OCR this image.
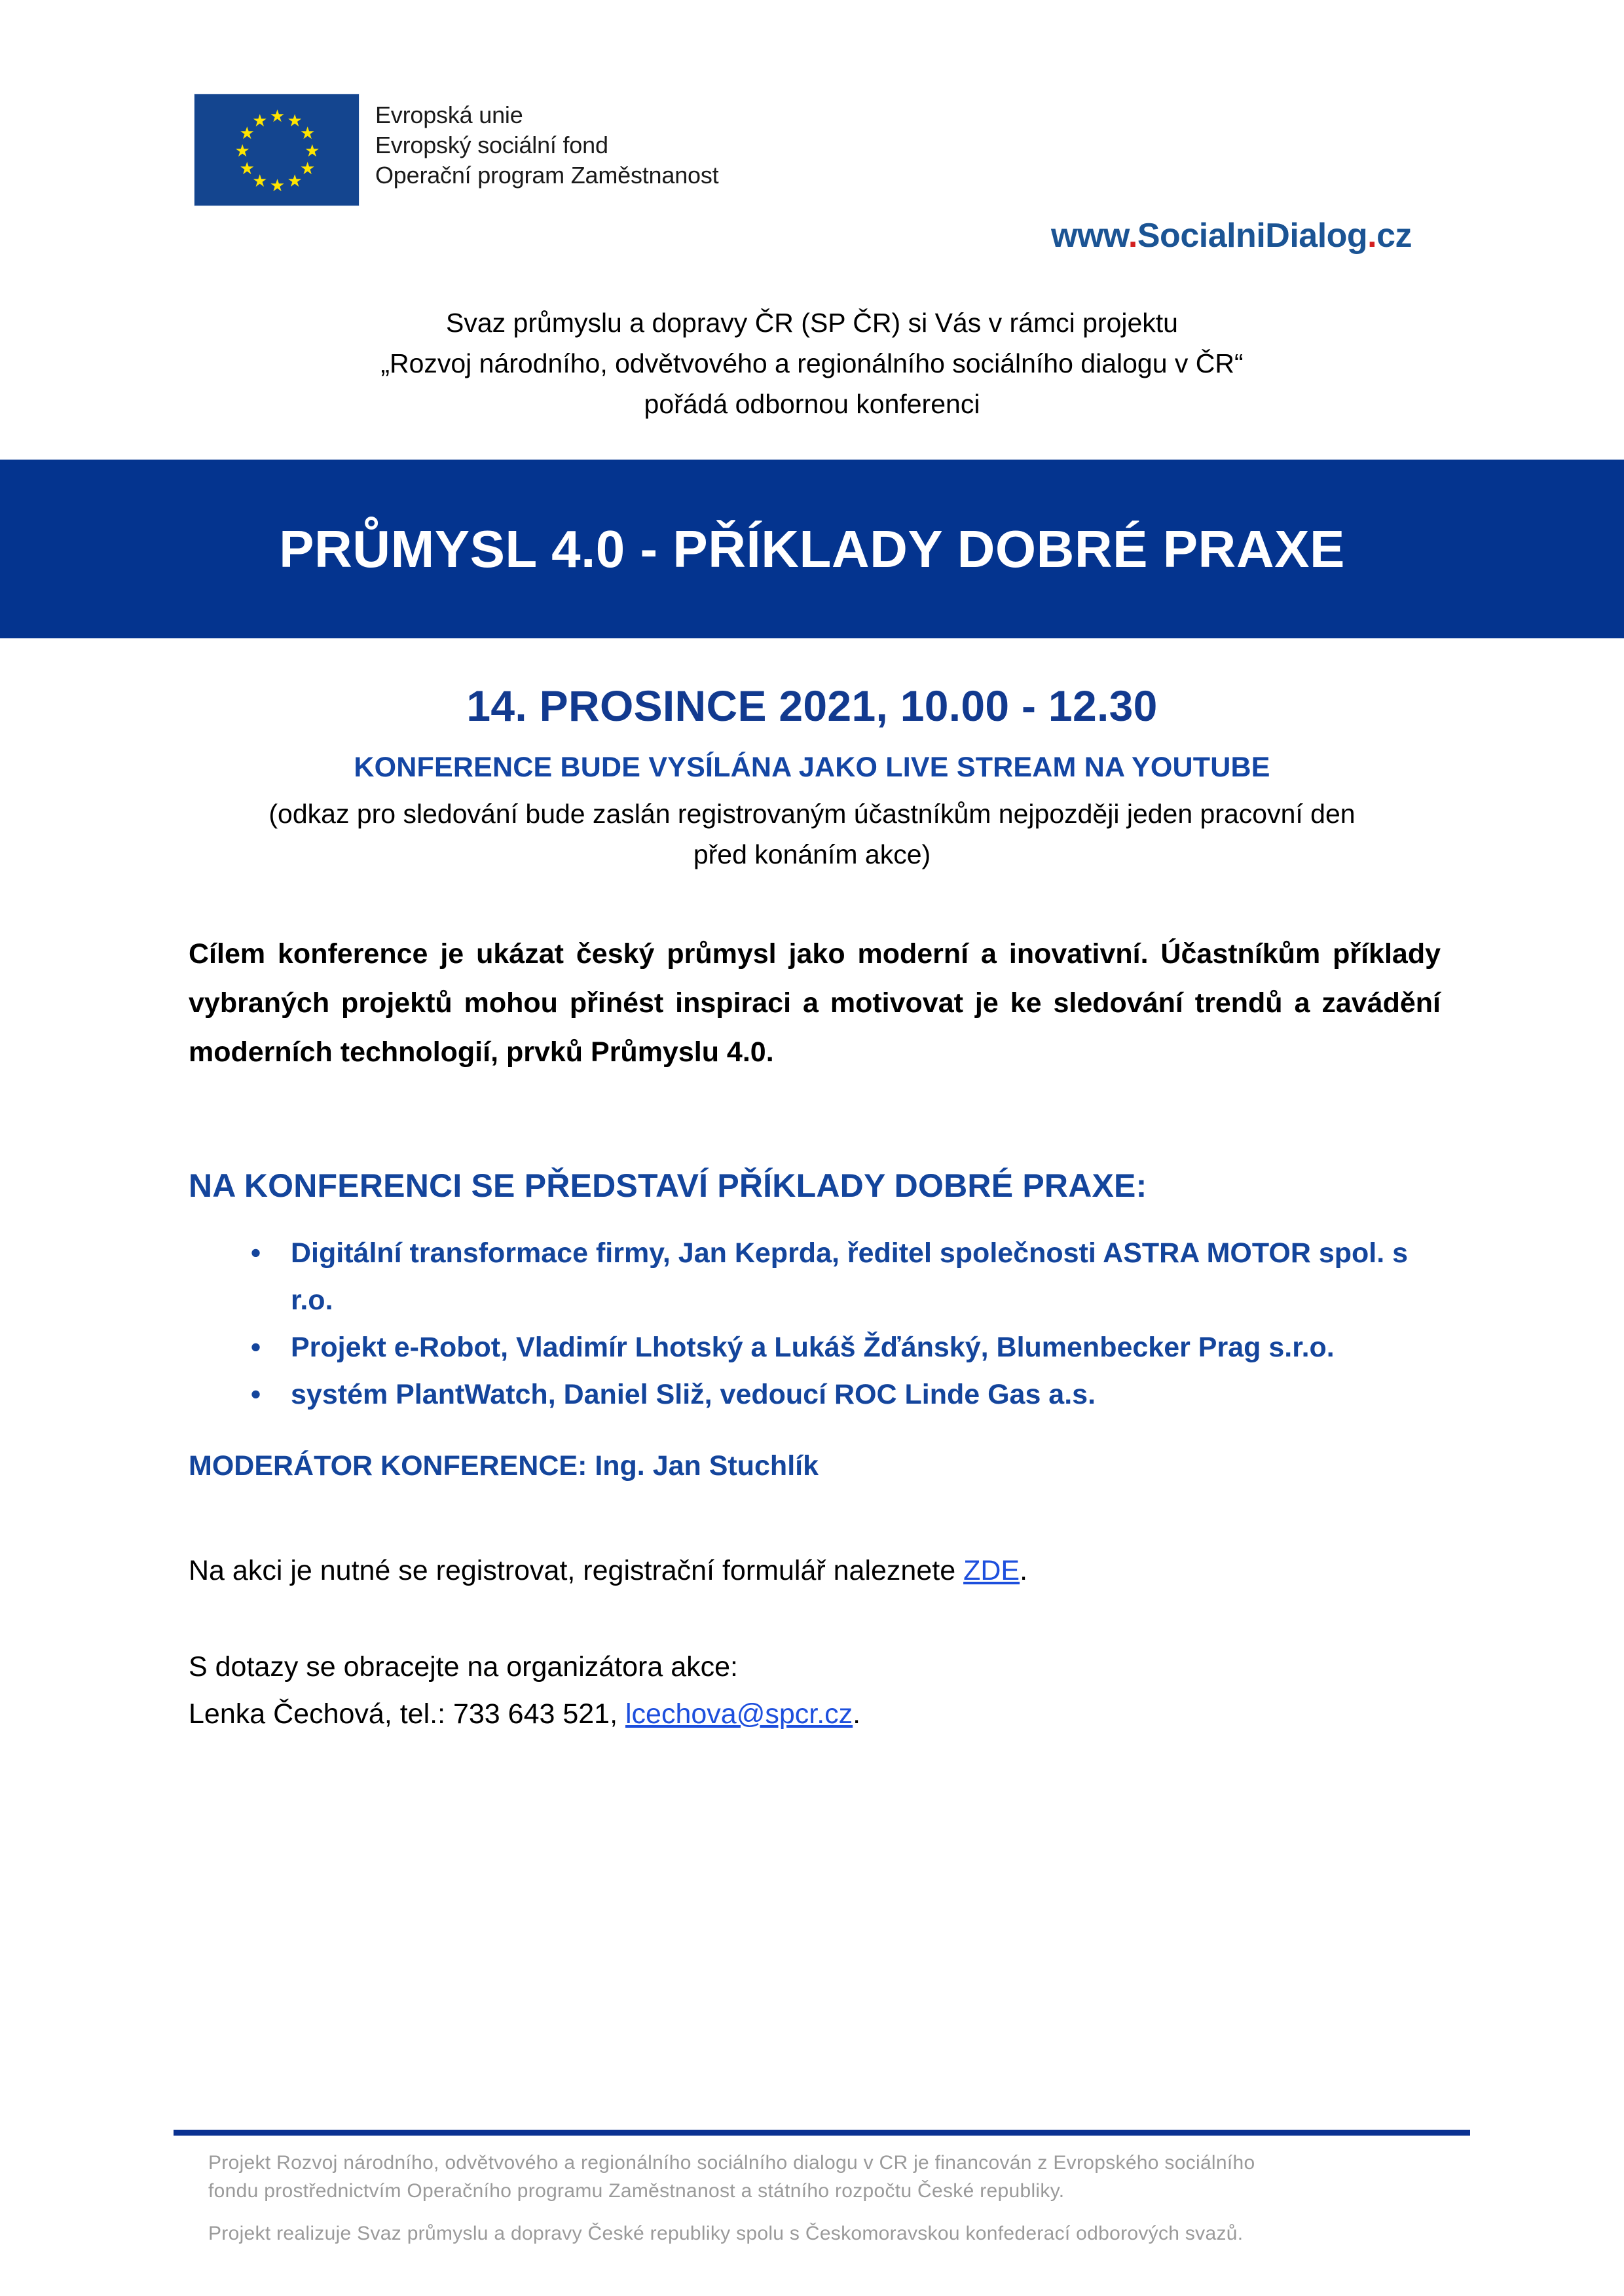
Evropská unie
Evropský sociální fond
Operační program Zaměstnanost
www.SocialniDialog.cz
Svaz průmyslu a dopravy ČR (SP ČR) si Vás v rámci projektu
„Rozvoj národního, odvětvového a regionálního sociálního dialogu v ČR“
pořádá odbornou konferenci
PRŮMYSL 4.0 - PŘÍKLADY DOBRÉ PRAXE
14. PROSINCE 2021, 10.00 - 12.30
KONFERENCE BUDE VYSÍLÁNA JAKO LIVE STREAM NA YOUTUBE
(odkaz pro sledování bude zaslán registrovaným účastníkům nejpozději jeden pracovní den
před konáním akce)
Cílem konference je ukázat český průmysl jako moderní a inovativní. Účastníkům příklady vybraných projektů mohou přinést inspiraci a motivovat je ke sledování trendů a zavádění moderních technologií, prvků Průmyslu 4.0.
NA KONFERENCI SE PŘEDSTAVÍ PŘÍKLADY DOBRÉ PRAXE:
• Digitální transformace firmy, Jan Keprda, ředitel společnosti ASTRA MOTOR spol. s r.o.
• Projekt e-Robot, Vladimír Lhotský a Lukáš Žďánský, Blumenbecker Prag s.r.o.
• systém PlantWatch, Daniel Sliž, vedoucí ROC Linde Gas a.s.
MODERÁTOR KONFERENCE: Ing. Jan Stuchlík
Na akci je nutné se registrovat, registrační formulář naleznete ZDE.
S dotazy se obracejte na organizátora akce:
Lenka Čechová, tel.: 733 643 521, lcechova@spcr.cz.

Projekt Rozvoj národního, odvětvového a regionálního sociálního dialogu v CR je financován z Evropského sociálního

fondu prostřednictvím Operačního programu Zaměstnanost a státního rozpočtu České republiky.

Projekt realizuje Svaz průmyslu a dopravy České republiky spolu s Českomoravskou konfederací odborových svazů.
